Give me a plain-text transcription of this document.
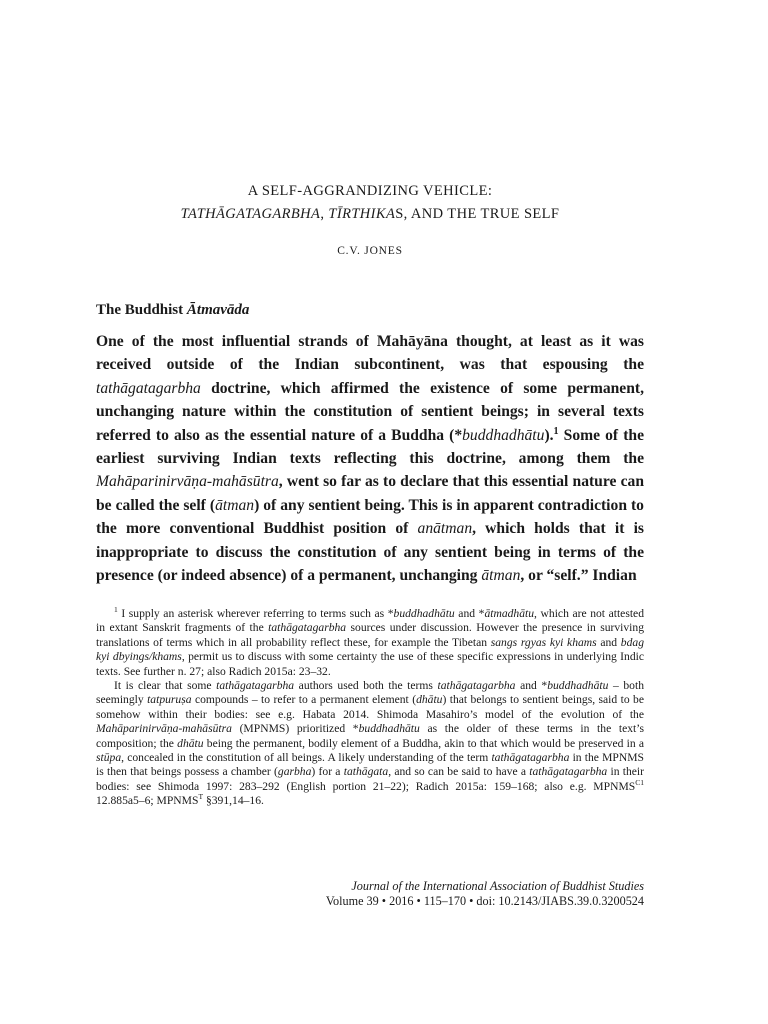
A SELF-AGGRANDIZING VEHICLE:
TATHĀGATAGARBHA, TĪRTHIKAS, AND THE TRUE SELF
C.V. JONES
The Buddhist Ātmavāda
One of the most influential strands of Mahāyāna thought, at least as it was received outside of the Indian subcontinent, was that espousing the tathāgatagarbha doctrine, which affirmed the existence of some permanent, unchanging nature within the constitution of sentient beings; in several texts referred to also as the essential nature of a Buddha (*buddhadhātu).$^1$ Some of the earliest surviving Indian texts reflecting this doctrine, among them the Mahāparinirvāṇa-mahāsūtra, went so far as to declare that this essential nature can be called the self (ātman) of any sentient being. This is in apparent contradiction to the more conventional Buddhist position of anātman, which holds that it is inappropriate to discuss the constitution of any sentient being in terms of the presence (or indeed absence) of a permanent, unchanging ātman, or “self.” Indian

$^1$ I supply an asterisk wherever referring to terms such as *buddhadhātu and *ātmadhātu, which are not attested in extant Sanskrit fragments of the tathāgatagarbha sources under discussion. However the presence in surviving translations of terms which in all probability reflect these, for example the Tibetan sangs rgyas kyi khams and bdag kyi dbyings/khams, permit us to discuss with some certainty the use of these specific expressions in underlying Indic texts. See further n. 27; also Radich 2015a: 23–32.

It is clear that some tathāgatagarbha authors used both the terms tathāgatagarbha and *buddhadhātu – both seemingly tatpuruṣa compounds – to refer to a permanent element (dhātu) that belongs to sentient beings, said to be somehow within their bodies: see e.g. Habata 2014. Shimoda Masahiro’s model of the evolution of the Mahāparinirvāṇa-mahāsūtra (MPNMS) prioritized *buddhadhātu as the older of these terms in the text’s composition; the dhātu being the permanent, bodily element of a Buddha, akin to that which would be preserved in a stūpa, concealed in the constitution of all beings. A likely understanding of the term tathāgatagarbha in the MPNMS is then that beings possess a chamber (garbha) for a tathāgata, and so can be said to have a tathāgatagarbha in their bodies: see Shimoda 1997: 283–292 (English portion 21–22); Radich 2015a: 159–168; also e.g. $MPNMS^{C1}$ 12.885a5–6; $MPNMS^T$ §391,14–16.

Journal of the International Association of Buddhist Studies
Volume 39 • 2016 • 115–170 • doi: 10.2143/JIABS.39.0.3200524
